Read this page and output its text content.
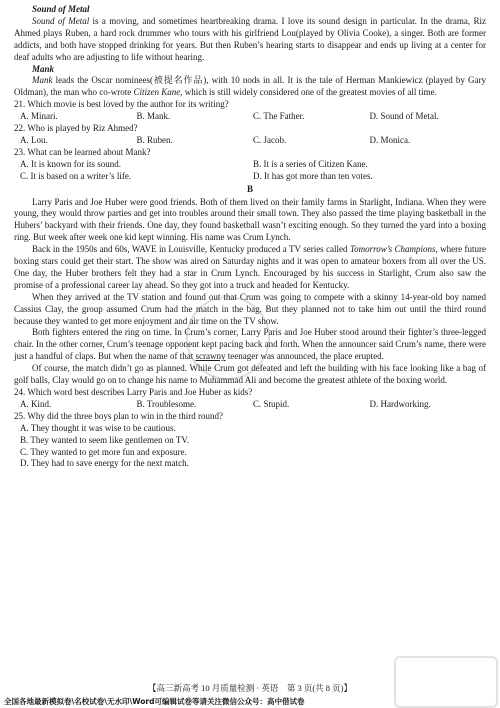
Sound of Metal

Sound of Metal is a moving, and sometimes heartbreaking drama. I love its sound design in particular. In the drama, Riz Ahmed plays Ruben, a hard rock drummer who tours with his girlfriend Lou(played by Olivia Cooke), a singer. Both are former addicts, and both have stopped drinking for years. But then Ruben’s hearing starts to disappear and ends up living at a center for deaf adults who are adjusting to life without hearing.

Mank

Mank leads the Oscar nominees(被提名作品), with 10 nods in all. It is the tale of Herman Mankiewicz (played by Gary Oldman), the man who co-wrote Citizen Kane, which is still widely considered one of the greatest movies of all time.

21. Which movie is best loved by the author for its writing?

A. Minari.	B. Mank.	C. The Father.	D. Sound of Metal.

22. Who is played by Riz Ahmed?

A. Lou.	B. Ruben.	C. Jacob.	D. Monica.

23. What can be learned about Mank?

A. It is known for its sound.	B. It is a series of Citizen Kane.
C. It is based on a writer’s life.	D. It has got more than ten votes.

B

Larry Paris and Joe Huber were good friends. Both of them lived on their family farms in Starlight, Indiana. When they were young, they would throw parties and get into troubles around their small town. They also passed the time playing basketball in the Hubers’ backyard with their friends. One day, they found basketball wasn’t exciting enough. So they turned the yard into a boxing ring. But week after week one kid kept winning. His name was Crum Lynch.

Back in the 1950s and 60s, WAVE in Louisville, Kentucky produced a TV series called Tomorrow’s Champions, where future boxing stars could get their start. The show was aired on Saturday nights and it was open to amateur boxers from all over the US. One day, the Huber brothers felt they had a star in Crum Lynch. Encouraged by his success in Starlight, Crum also saw the promise of a professional career lay ahead. So they got into a truck and headed for Kentucky.

When they arrived at the TV station and found out that Crum was going to compete with a skinny 14-year-old boy named Cassius Clay, the group assumed Crum had the match in the bag. But they planned not to take him out until the third round because they wanted to get more enjoyment and air time on the TV show.

Both fighters entered the ring on time. In Crum’s corner, Larry Paris and Joe Huber stood around their fighter’s three-legged chair. In the other corner, Crum’s teenage opponent kept pacing back and forth. When the announcer said Crum’s name, there were just a handful of claps. But when the name of that scrawny teenager was announced, the place erupted.

Of course, the match didn’t go as planned. While Crum got defeated and left the building with his face looking like a bag of golf balls, Clay would go on to change his name to Muhammad Ali and become the greatest athlete of the boxing world.

24. Which word best describes Larry Paris and Joe Huber as kids?

A. Kind.	B. Troublesome.	C. Stupid.	D. Hardworking.

25. Why did the three boys plan to win in the third round?

A. They thought it was wise to be cautious.
B. They wanted to seem like gentlemen on TV.
C. They wanted to get more fun and exposure.
D. They had to save energy for the next match.
【高三新高考 10 月质量检测 · 英语　第 3 页(共 8 页)】
全国各地最新模拟卷\名校试卷\无水印\Word可编辑试卷等请关注微信公众号：高中借试卷
